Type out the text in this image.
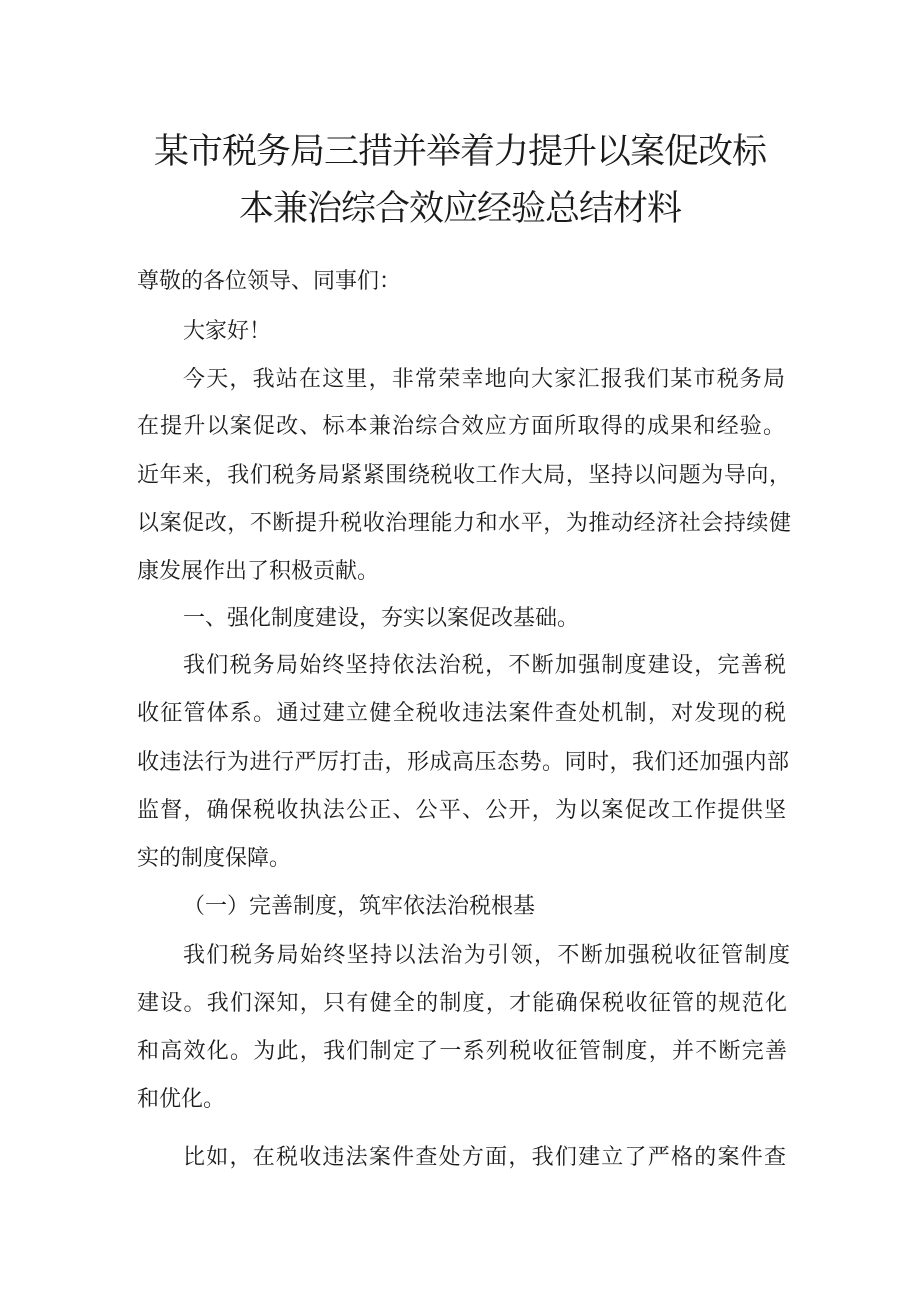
某市税务局三措并举着力提升以案促改标
本兼治综合效应经验总结材料

尊敬的各位领导、同事们：

大家好！

今天，我站在这里，非常荣幸地向大家汇报我们某市税务局

在提升以案促改、标本兼治综合效应方面所取得的成果和经验。

近年来，我们税务局紧紧围绕税收工作大局，坚持以问题为导向，

以案促改，不断提升税收治理能力和水平，为推动经济社会持续健

康发展作出了积极贡献。

一、强化制度建设，夯实以案促改基础。

我们税务局始终坚持依法治税，不断加强制度建设，完善税

收征管体系。通过建立健全税收违法案件查处机制，对发现的税

收违法行为进行严厉打击，形成高压态势。同时，我们还加强内部

监督，确保税收执法公正、公平、公开，为以案促改工作提供坚

实的制度保障。

（一）完善制度，筑牢依法治税根基

我们税务局始终坚持以法治为引领，不断加强税收征管制度

建设。我们深知，只有健全的制度，才能确保税收征管的规范化

和高效化。为此，我们制定了一系列税收征管制度，并不断完善

和优化。

比如，在税收违法案件查处方面，我们建立了严格的案件查
